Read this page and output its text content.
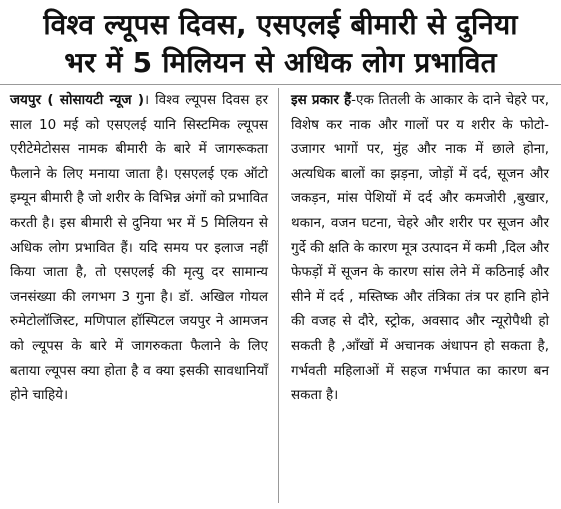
विश्व ल्यूपस दिवस, एसएलई बीमारी से दुनिया
भर में 5 मिलियन से अधिक लोग प्रभावित

जयपुर ( सोसायटी न्यूज )। विश्व ल्यूपस दिवस हर साल 10 मई को एसएलई यानि सिस्टमिक ल्यूपस एरीटेमेटोसस नामक बीमारी के बारे में जागरूकता फैलाने के लिए मनाया जाता है। एसएलई एक ऑटो इम्यून बीमारी है जो शरीर के विभिन्न अंगों को प्रभावित करती है। इस बीमारी से दुनिया भर में 5 मिलियन से अधिक लोग प्रभावित हैं। यदि समय पर इलाज नहीं किया जाता है, तो एसएलई की मृत्यु दर सामान्य जनसंख्या की लगभग 3 गुना है। डॉ. अखिल गोयल रुमेटोलॉजिस्ट, मणिपाल हॉस्पिटल जयपुर ने आमजन को ल्यूपस के बारे में जागरुकता फैलाने के लिए बताया ल्यूपस क्या होता है व क्या इसकी सावधानियाँ होने चाहिये।

इस प्रकार हैं-एक तितली के आकार के दाने चेहरे पर, विशेष कर नाक और गालों पर य शरीर के फोटो-उजागर भागों पर, मुंह और नाक में छाले होना, अत्यधिक बालों का झड़ना, जोड़ों में दर्द, सूजन और जकड़न, मांस पेशियों में दर्द और कमजोरी ,बुखार, थकान, वजन घटना, चेहरे और शरीर पर सूजन और गुर्दे की क्षति के कारण मूत्र उत्पादन में कमी ,दिल और फेफड़ों में सूजन के कारण सांस लेने में कठिनाई और सीने में दर्द , मस्तिष्क और तंत्रिका तंत्र पर हानि होने की वजह से दौरे, स्ट्रोक, अवसाद और न्यूरोपैथी हो सकती है ,आँखों में अचानक अंधापन हो सकता है, गर्भवती महिलाओं में सहज गर्भपात का कारण बन सकता है।
